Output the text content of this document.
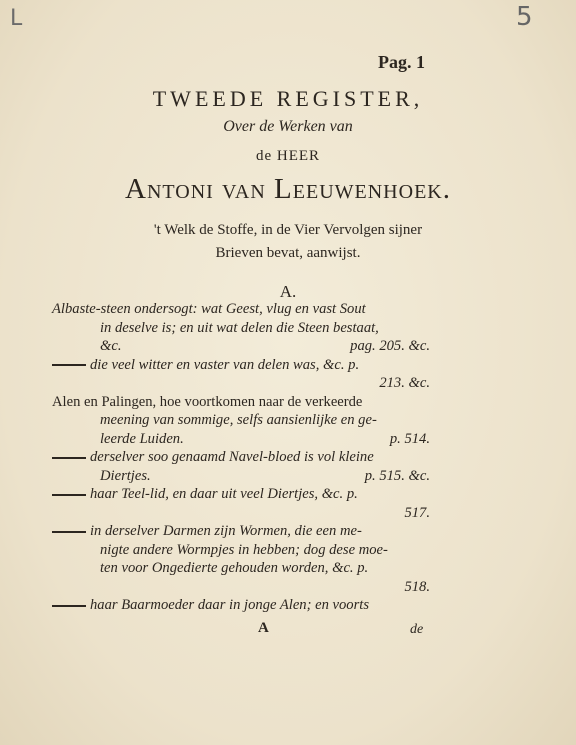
L	5
Pag. 1
TWEEDE REGISTER,
Over de Werken van
de HEER
Antoni van Leeuwenhoek.
't Welk de Stoffe, in de Vier Vervolgen sijner
Brieven bevat, aanwijst.
A.
Albaste-steen ondersogt: wat Geest, vlug en vast Sout
in deselve is; en uit wat delen die Steen bestaat,
&c.	pag. 205. &c.
die veel witter en vaster van delen was, &c. p.
213. &c.
Alen en Palingen, hoe voortkomen naar de verkeerde
meening van sommige, selfs aansienlijke en ge-
leerde Luiden.	p. 514.
derselver soo genaamd Navel-bloed is vol kleine
Diertjes.	p. 515. &c.
haar Teel-lid, en daar uit veel Diertjes, &c. p.
517.
in derselver Darmen zijn Wormen, die een me-
nigte andere Wormpjes in hebben; dog dese moe-
ten voor Ongedierte gehouden worden, &c. p.
518.
haar Baarmoeder daar in jonge Alen; en voorts
A	de
